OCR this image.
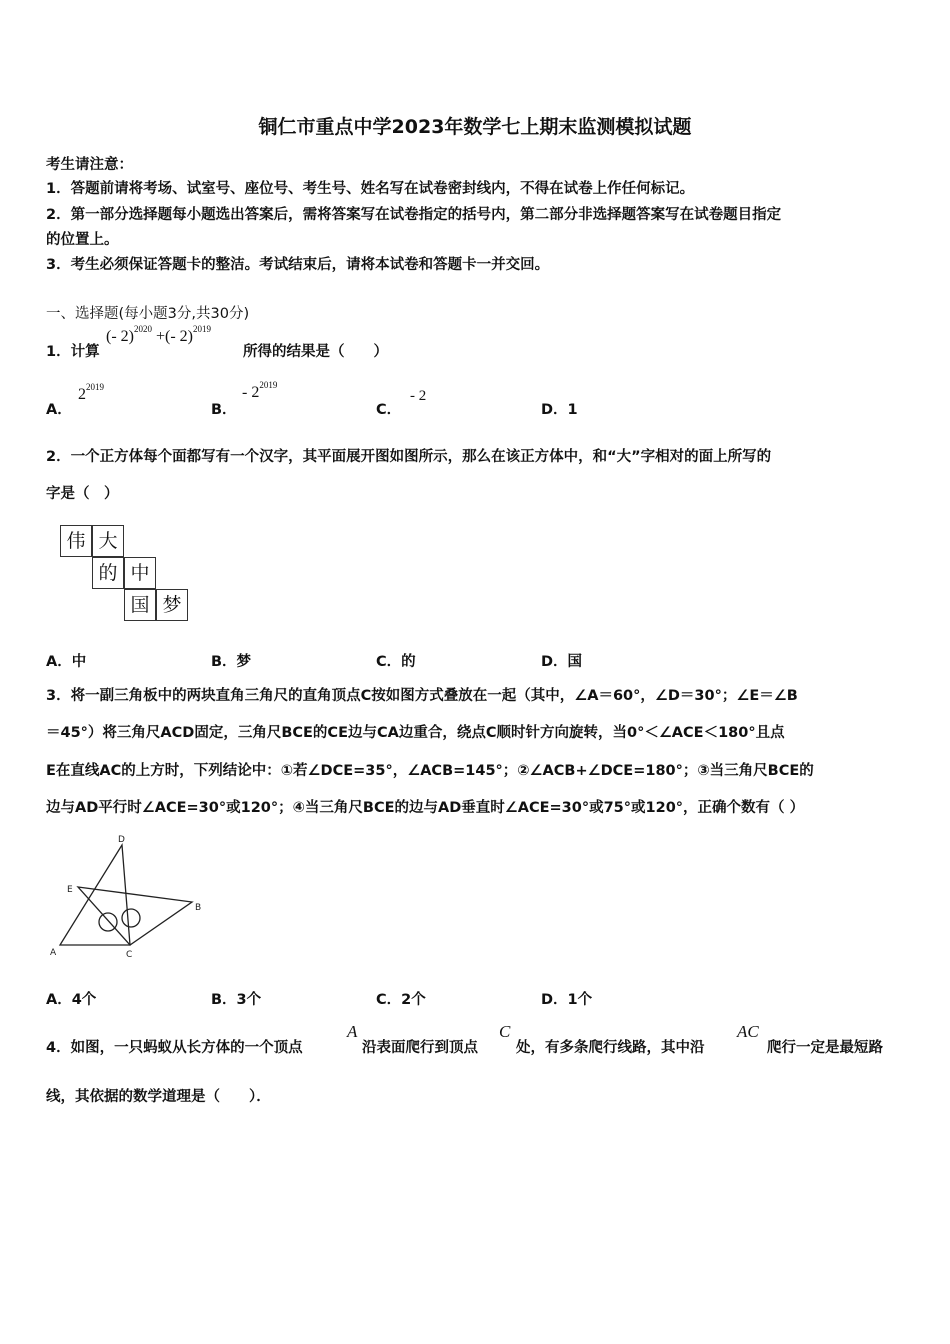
铜仁市重点中学2023年数学七上期末监测模拟试题
考生请注意：
1．答题前请将考场、试室号、座位号、考生号、姓名写在试卷密封线内，不得在试卷上作任何标记。
2．第一部分选择题每小题选出答案后，需将答案写在试卷指定的括号内，第二部分非选择题答案写在试卷题目指定
的位置上。
3．考生必须保证答题卡的整洁。考试结束后，请将本试卷和答题卡一并交回。
一、选择题(每小题3分,共30分)
1．计算
(- 2)$^{2020}$ +(- 2)$^{2019}$
所得的结果是（　　）
A．
$2^{2019}$
B．
- $2^{2019}$
C．
- 2
D．1
2．一个正方体每个面都写有一个汉字，其平面展开图如图所示，那么在该正方体中，和“大”字相对的面上所写的
字是（　）
伟 大
的 中
国 梦
A．中	B．梦	C．的	D．国
3．将一副三角板中的两块直角三角尺的直角顶点C按如图方式叠放在一起（其中，∠A＝60°，∠D＝30°；∠E＝∠B
＝45°）将三角尺ACD固定，三角尺BCE的CE边与CA边重合，绕点C顺时针方向旋转，当0°＜∠ACE＜180°且点
E在直线AC的上方时，下列结论中：①若∠DCE=35°，∠ACB=145°；②∠ACB+∠DCE=180°；③当三角尺BCE的
边与AD平行时∠ACE=30°或120°；④当三角尺BCE的边与AD垂直时∠ACE=30°或75°或120°，正确个数有（ ）
D
E
B
A	C
A．4个	B．3个	C．2个	D．1个
4．如图，一只蚂蚁从长方体的一个顶点
A
沿表面爬行到顶点
C
处，有多条爬行线路，其中沿
AC
爬行一定是最短路
线，其依据的数学道理是（　　）．
